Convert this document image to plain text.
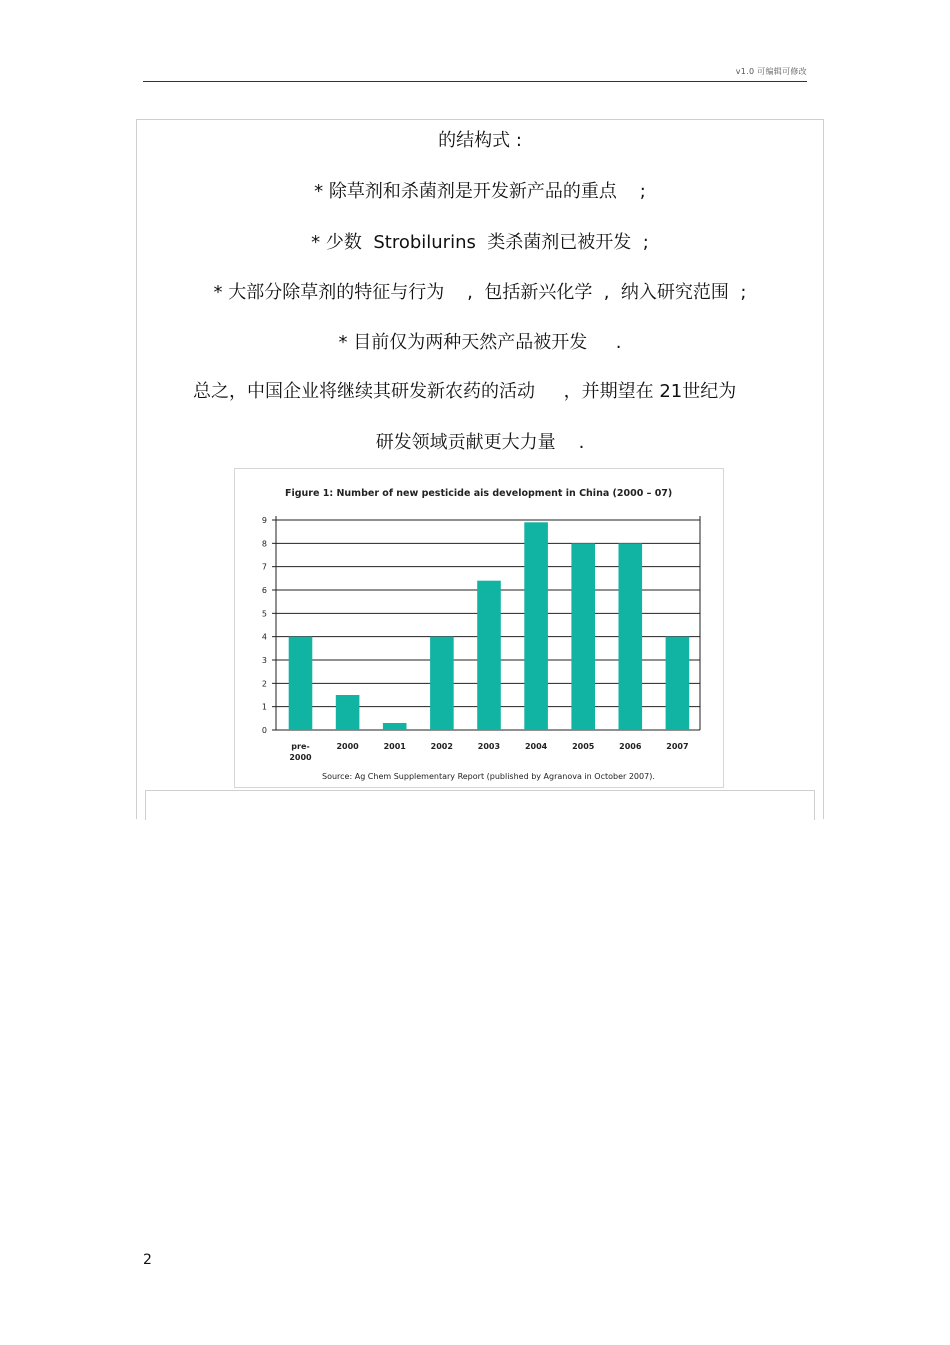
v1.0 可编辑可修改
的结构式 :
* 除草剂和杀菌剂是开发新产品的重点    ;
* 少数  Strobilurins  类杀菌剂已被开发  ;
* 大部分除草剂的特征与行为    ,  包括新兴化学  ,  纳入研究范围  ;
* 目前仅为两种天然产品被开发     .
总之，中国企业将继续其研发新农药的活动     ，并期望在 21世纪为
研发领域贡献更大力量    .
Figure 1: Number of new pesticide ais development in China (2000 – 07)
0
1
2
3
4
5
6
7
8
9
pre-
2000
2000	2001	2002	2003	2004	2005	2006	2007
Source: Ag Chem Supplementary Report (published by Agranova in October 2007).
2
